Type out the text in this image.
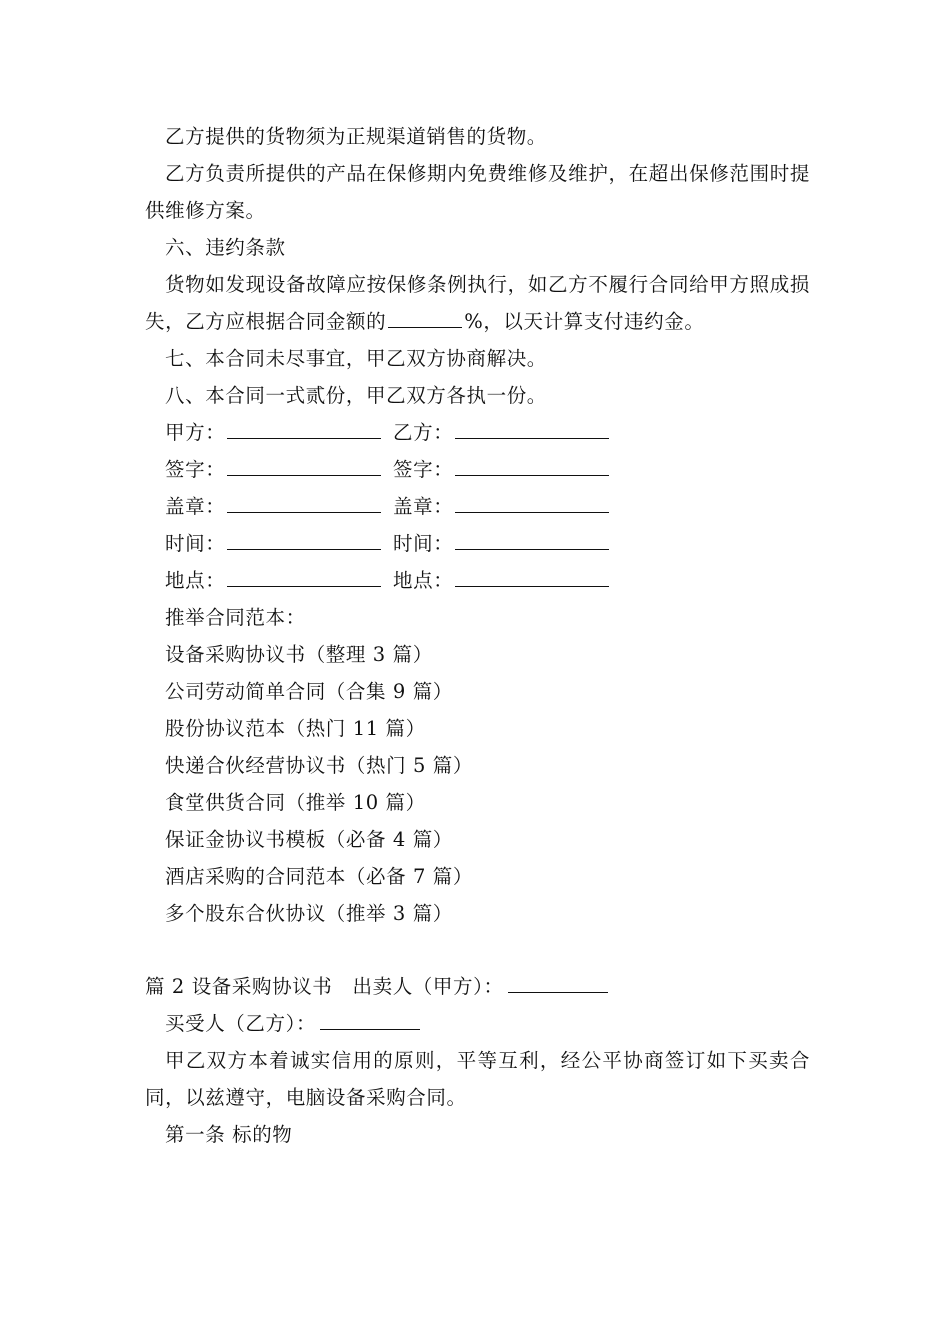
乙方提供的货物须为正规渠道销售的货物。

乙方负责所提供的产品在保修期内免费维修及维护，在超出保修范围时提供维修方案。

六、违约条款

货物如发现设备故障应按保修条例执行，如乙方不履行合同给甲方照成损失，乙方应根据合同金额的	%，以天计算支付违约金。

七、本合同未尽事宜，甲乙双方协商解决。

八、本合同一式贰份，甲乙双方各执一份。

甲方：	乙方：
签字：	签字：
盖章：	盖章：
时间：	时间：
地点：	地点：

推举合同范本：

设备采购协议书（整理 3 篇）

公司劳动简单合同（合集 9 篇）

股份协议范本（热门 11 篇）

快递合伙经营协议书（热门 5 篇）

食堂供货合同（推举 10 篇）

保证金协议书模板（必备 4 篇）

酒店采购的合同范本（必备 7 篇）

多个股东合伙协议（推举 3 篇）

篇 2 设备采购协议书　出卖人（甲方）：

买受人（乙方）：

甲乙双方本着诚实信用的原则，平等互利，经公平协商签订如下买卖合同，以兹遵守，电脑设备采购合同。

第一条 标的物
